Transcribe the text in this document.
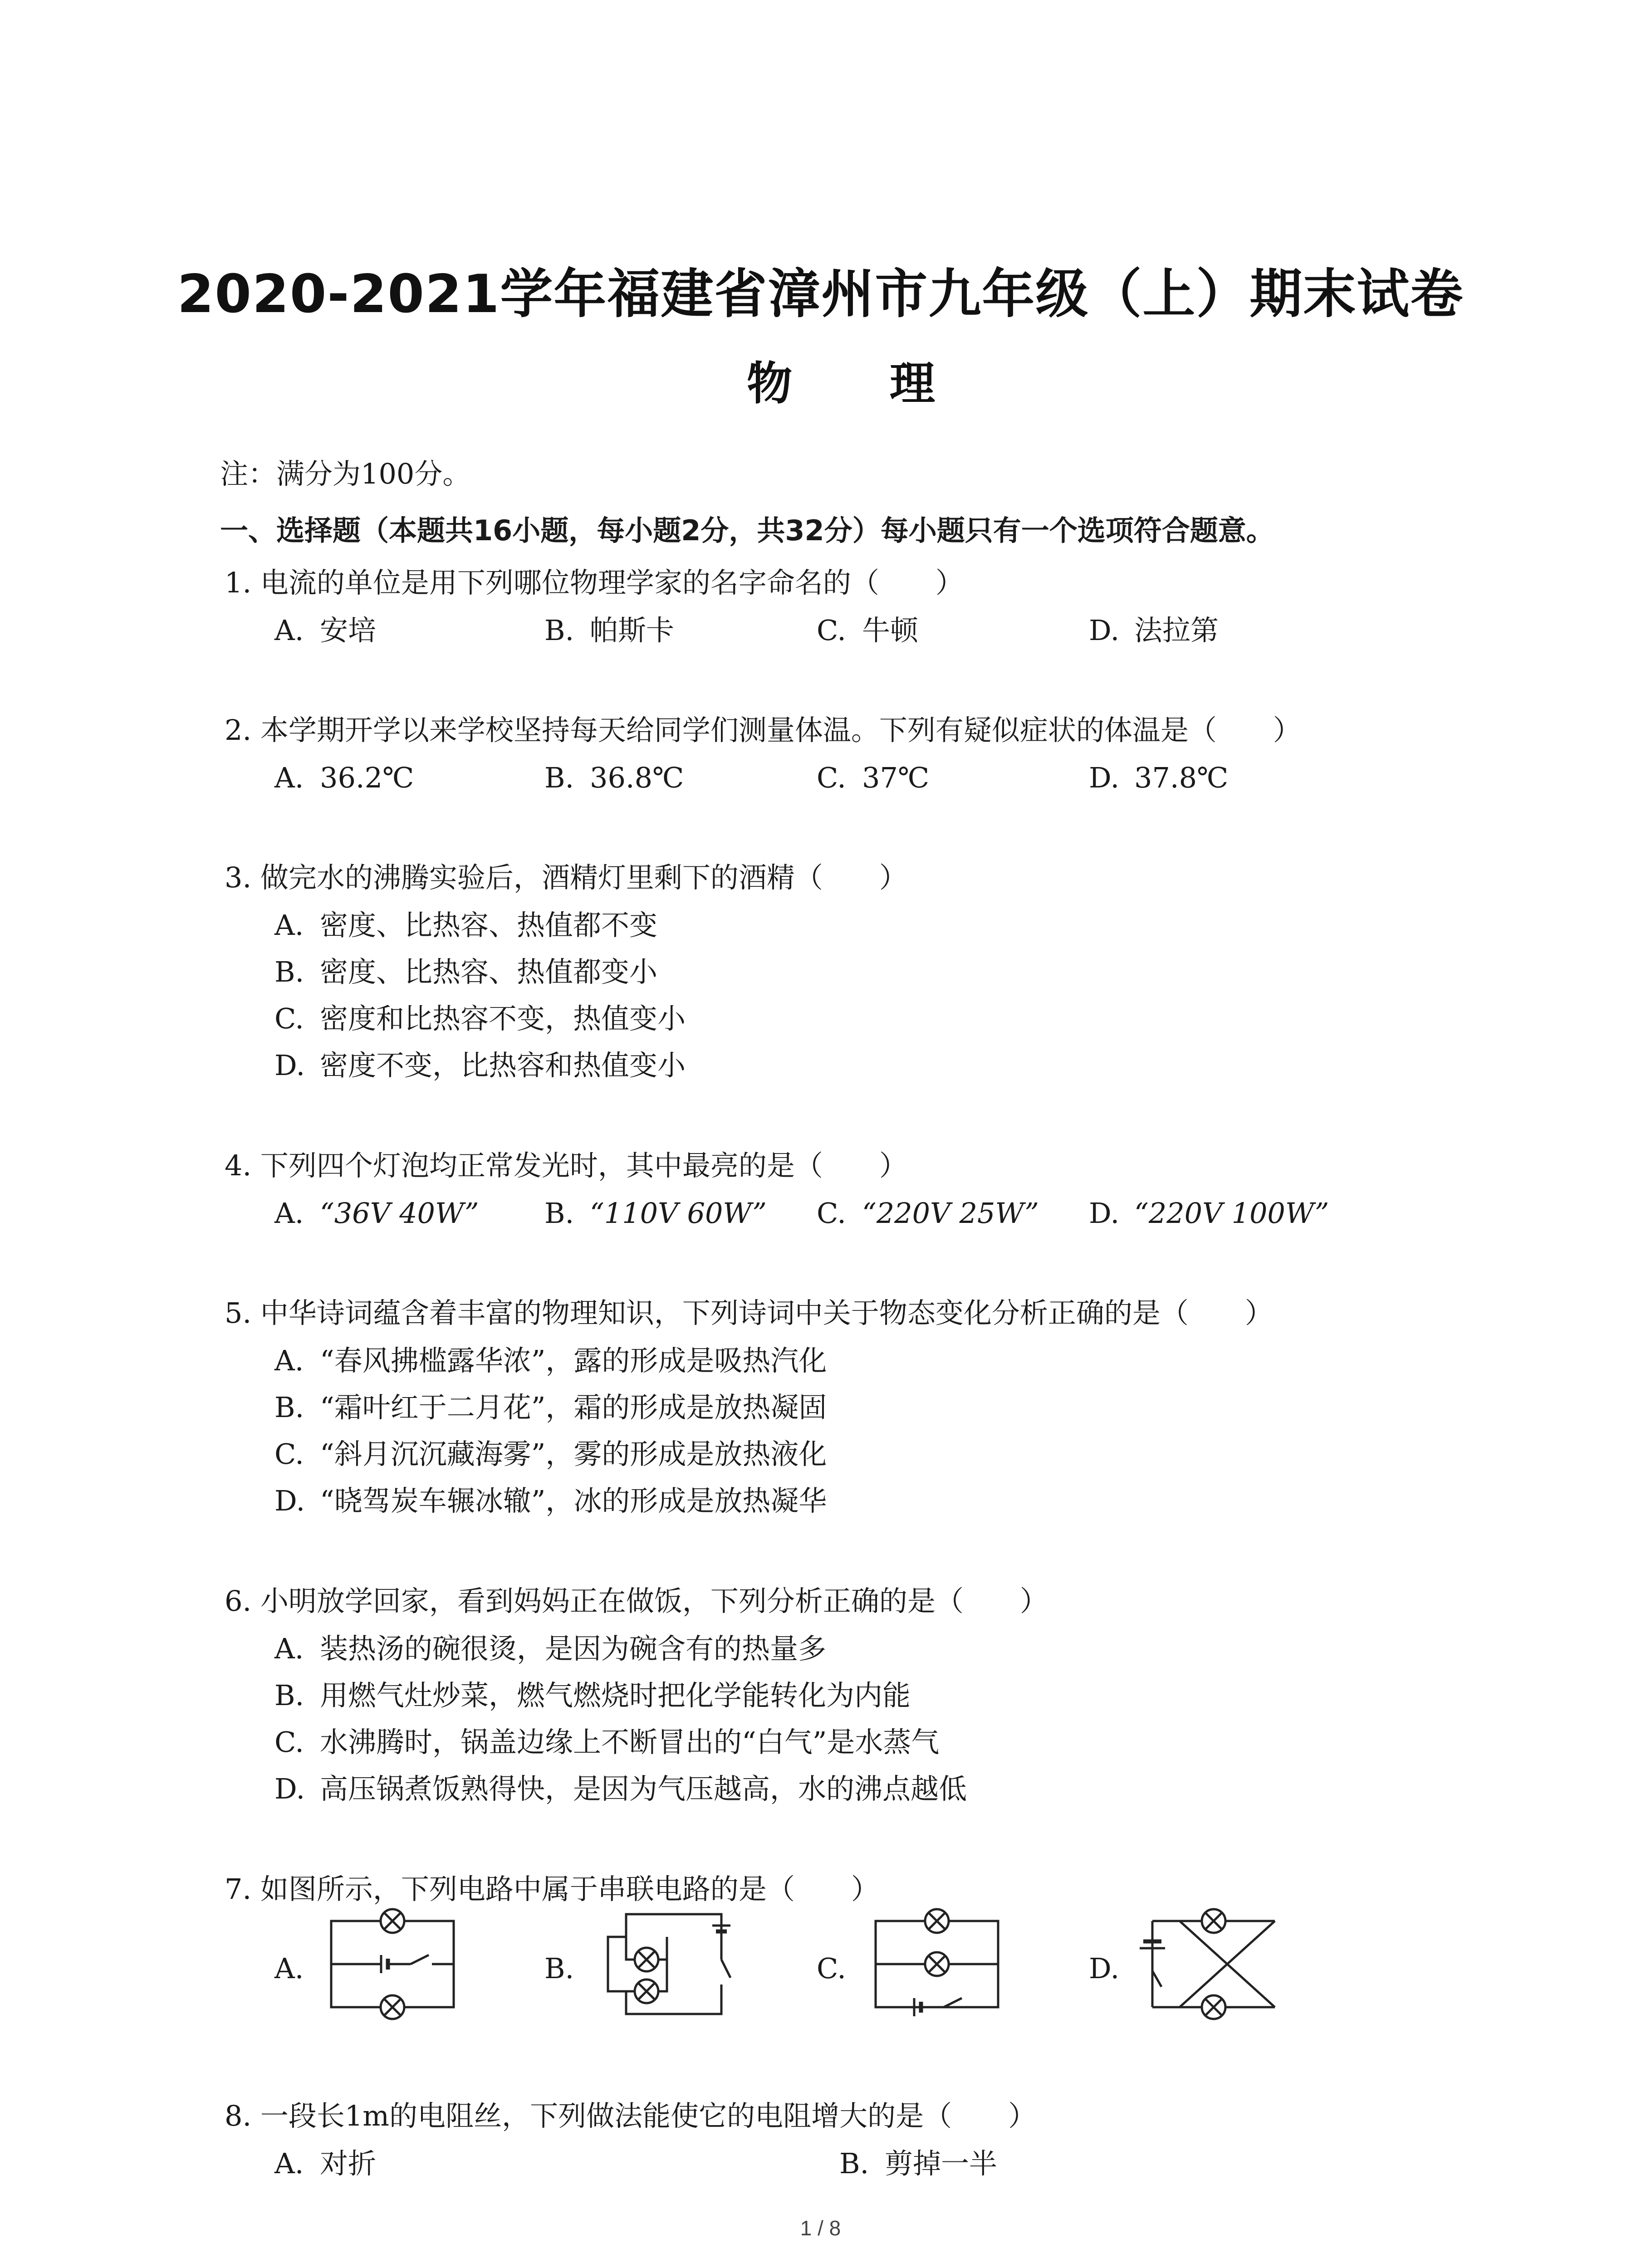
2020-2021学年福建省漳州市九年级（上）期末试卷
物 理
注：满分为100分。
一、选择题（本题共16小题，每小题2分，共32分）每小题只有一个选项符合题意。
1. 电流的单位是用下列哪位物理学家的名字命名的（　　）
A. 安培	B. 帕斯卡	C. 牛顿	D. 法拉第
2. 本学期开学以来学校坚持每天给同学们测量体温。下列有疑似症状的体温是（　　）
A. 36.2℃	B. 36.8℃	C. 37℃	D. 37.8℃
3. 做完水的沸腾实验后，酒精灯里剩下的酒精（　　）
A. 密度、比热容、热值都不变
B. 密度、比热容、热值都变小
C. 密度和比热容不变，热值变小
D. 密度不变，比热容和热值变小
4. 下列四个灯泡均正常发光时，其中最亮的是（　　）
A. “36V 40W” B. “110V 60W” C. “220V 25W” D. “220V 100W”
5. 中华诗词蕴含着丰富的物理知识，下列诗词中关于物态变化分析正确的是（　　）
A. “春风拂槛露华浓”，露的形成是吸热汽化
B. “霜叶红于二月花”，霜的形成是放热凝固
C. “斜月沉沉藏海雾”，雾的形成是放热液化
D. “晓驾炭车辗冰辙”，冰的形成是放热凝华
6. 小明放学回家，看到妈妈正在做饭，下列分析正确的是（　　）
A. 装热汤的碗很烫，是因为碗含有的热量多
B. 用燃气灶炒菜，燃气燃烧时把化学能转化为内能
C. 水沸腾时，锅盖边缘上不断冒出的“白气”是水蒸气
D. 高压锅煮饭熟得快，是因为气压越高，水的沸点越低
7. 如图所示，下列电路中属于串联电路的是（　　）
A.	B.	C.	D.
8. 一段长1m的电阻丝，下列做法能使它的电阻增大的是（　　）
A. 对折	B. 剪掉一半
1 / 8
